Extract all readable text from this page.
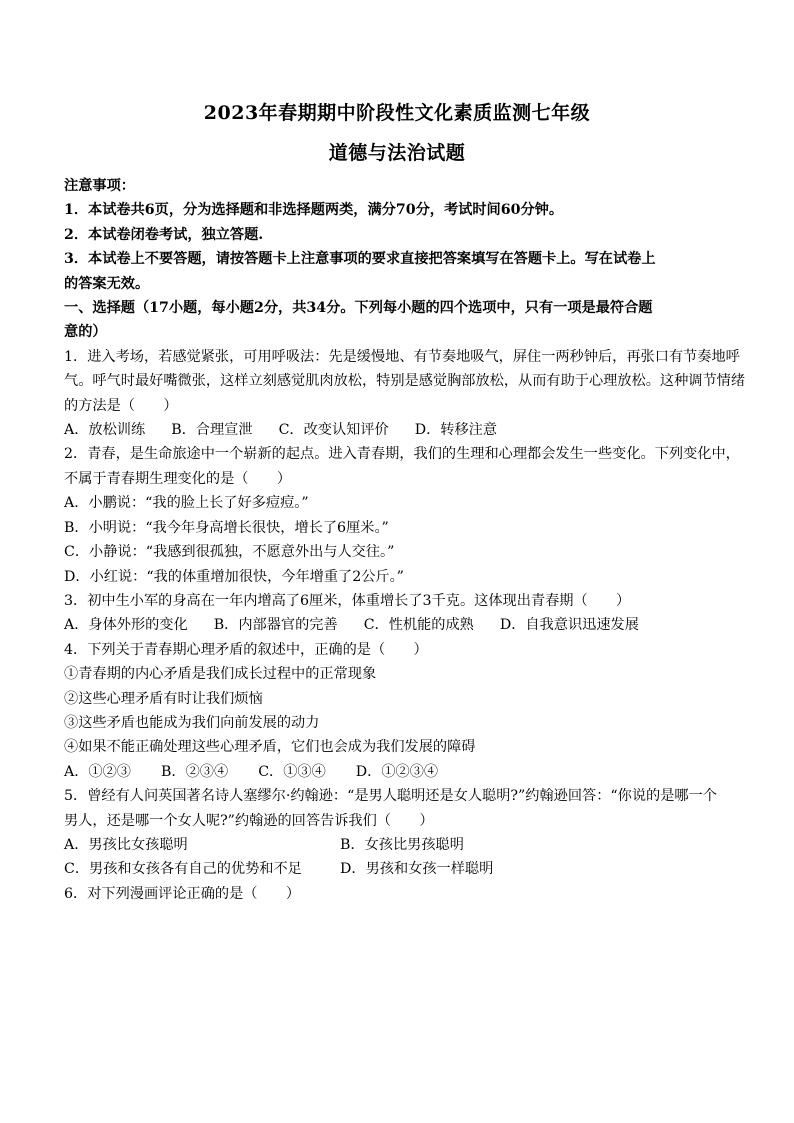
2023年春期期中阶段性文化素质监测七年级
道德与法治试题
注意事项：
1．本试卷共6页，分为选择题和非选择题两类，满分70分，考试时间60分钟。
2．本试卷闭卷考试，独立答题.
3．本试卷上不要答题，请按答题卡上注意事项的要求直接把答案填写在答题卡上。写在试卷上
的答案无效。
一、选择题（17小题，每小题2分，共34分。下列每小题的四个选项中，只有一项是最符合题
意的）
1．进入考场，若感觉紧张，可用呼吸法：先是缓慢地、有节奏地吸气，屏住一两秒钟后，再张口有节奏地呼
气。呼气时最好嘴微张，这样立刻感觉肌肉放松，特别是感觉胸部放松，从而有助于心理放松。这种调节情绪
的方法是（　　）
A．放松训练 B．合理宣泄 C．改变认知评价 D．转移注意
2．青春，是生命旅途中一个崭新的起点。进入青春期，我们的生理和心理都会发生一些变化。下列变化中，
不属于青春期生理变化的是（　　）
A．小鹏说：“我的脸上长了好多痘痘。”
B．小明说：“我今年身高增长很快，增长了6厘米。”
C．小静说：“我感到很孤独，不愿意外出与人交往。”
D．小红说：“我的体重增加很快，今年增重了2公斤。”
3．初中生小军的身高在一年内增高了6厘米，体重增长了3千克。这体现出青春期（　　）
A．身体外形的变化 B．内部器官的完善 C．性机能的成熟 D．自我意识迅速发展
4．下列关于青春期心理矛盾的叙述中，正确的是（　　）
①青春期的内心矛盾是我们成长过程中的正常现象
②这些心理矛盾有时让我们烦恼
③这些矛盾也能成为我们向前发展的动力
④如果不能正确处理这些心理矛盾，它们也会成为我们发展的障碍
A．①②③ B．②③④ C．①③④ D．①②③④
5．曾经有人问英国著名诗人塞缪尔·约翰逊：“是男人聪明还是女人聪明?”约翰逊回答：“你说的是哪一个
男人，还是哪一个女人呢?”约翰逊的回答告诉我们（　　）
A．男孩比女孩聪明	B．女孩比男孩聪明
C．男孩和女孩各有自己的优势和不足	D．男孩和女孩一样聪明
6．对下列漫画评论正确的是（　　）
